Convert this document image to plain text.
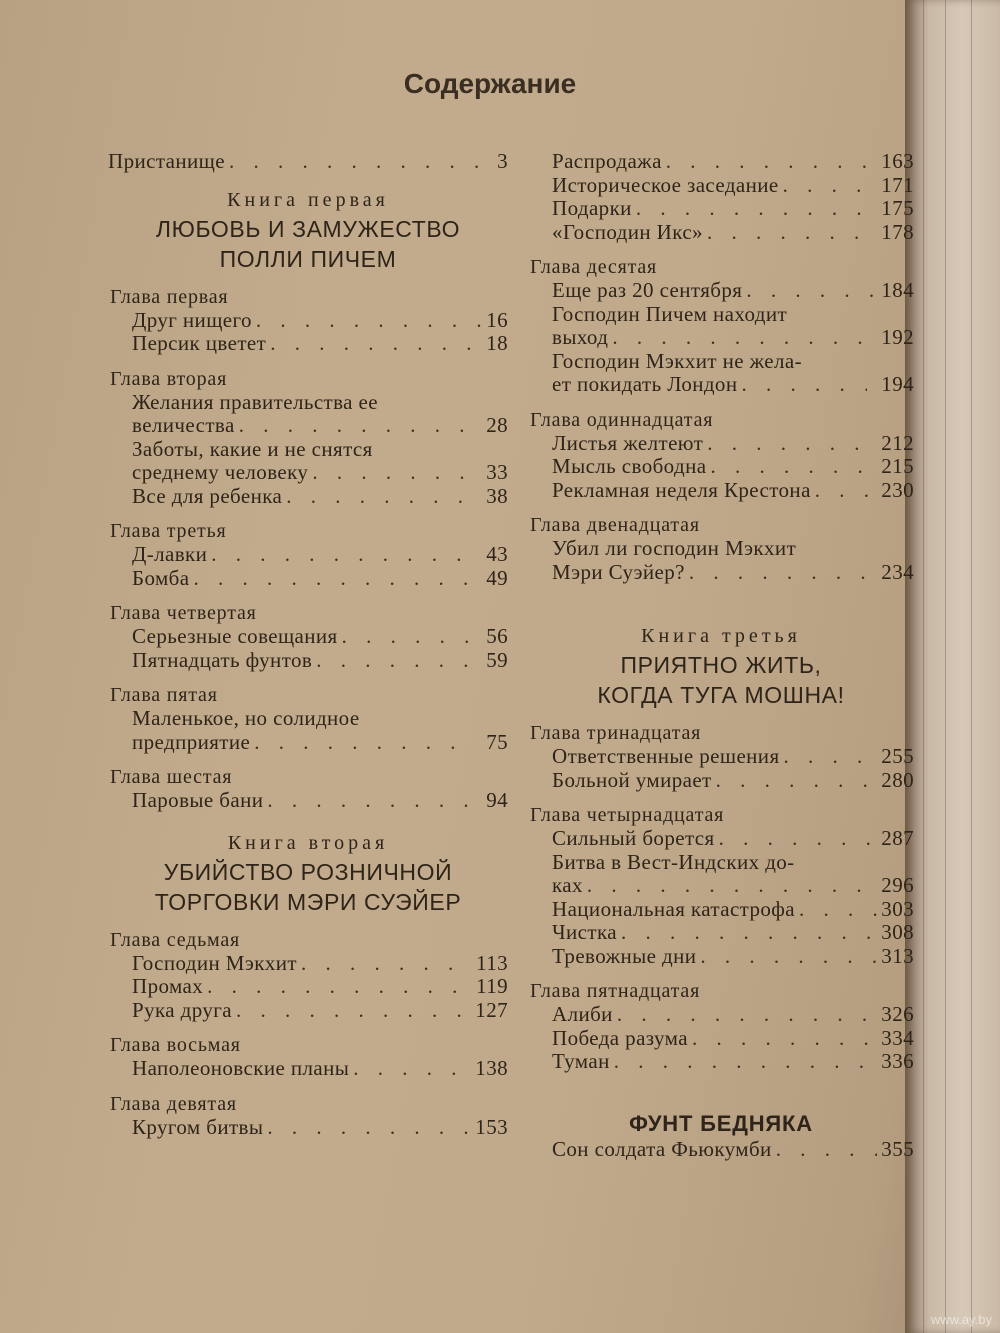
Содержание
Пристанище . . .	3
Книга первая
ЛЮБОВЬ И ЗАМУЖЕСТВО
ПОЛЛИ ПИЧЕМ
Глава первая
Друг нищего . . .	16
Персик цветет . . .	18
Глава вторая
Желания правительства ее
величества . . .	28
Заботы, какие и не снятся
среднему человеку . . .	33
Все для ребенка . . .	38
Глава третья
Д-лавки . . .	43
Бомба . . .	49
Глава четвертая
Серьезные совещания . . .	56
Пятнадцать фунтов . . .	59
Глава пятая
Маленькое, но солидное
предприятие . . .	75
Глава шестая
Паровые бани . . .	94
Книга вторая
УБИЙСТВО РОЗНИЧНОЙ
ТОРГОВКИ МЭРИ СУЭЙЕР
Глава седьмая
Господин Мэкхит . . .	113
Промах . . .	119
Рука друга . . .	127
Глава восьмая
Наполеоновские планы . . .	138
Глава девятая
Кругом битвы . . .	153
Распродажа . . .	163
Историческое заседание . . .	171
Подарки . . .	175
«Господин Икс» . . .	178
Глава десятая
Еще раз 20 сентября . . .	184
Господин Пичем находит
выход . . .	192
Господин Мэкхит не жела-
ет покидать Лондон . . .	194
Глава одиннадцатая
Листья желтеют . . .	212
Мысль свободна . . .	215
Рекламная неделя Крестона . . .	230
Глава двенадцатая
Убил ли господин Мэкхит
Мэри Суэйер? . . .	234
Книга третья
ПРИЯТНО ЖИТЬ,
КОГДА ТУГА МОШНА!
Глава тринадцатая
Ответственные решения . . .	255
Больной умирает . . .	280
Глава четырнадцатая
Сильный борется . . .	287
Битва в Вест-Индских до-
ках . . .	296
Национальная катастрофа . . .	303
Чистка . . .	308
Тревожные дни . . .	313
Глава пятнадцатая
Алиби . . .	326
Победа разума . . .	334
Туман . . .	336
ФУНТ БЕДНЯКА
Сон солдата Фьюкумби . . .	355
www.ay.by
